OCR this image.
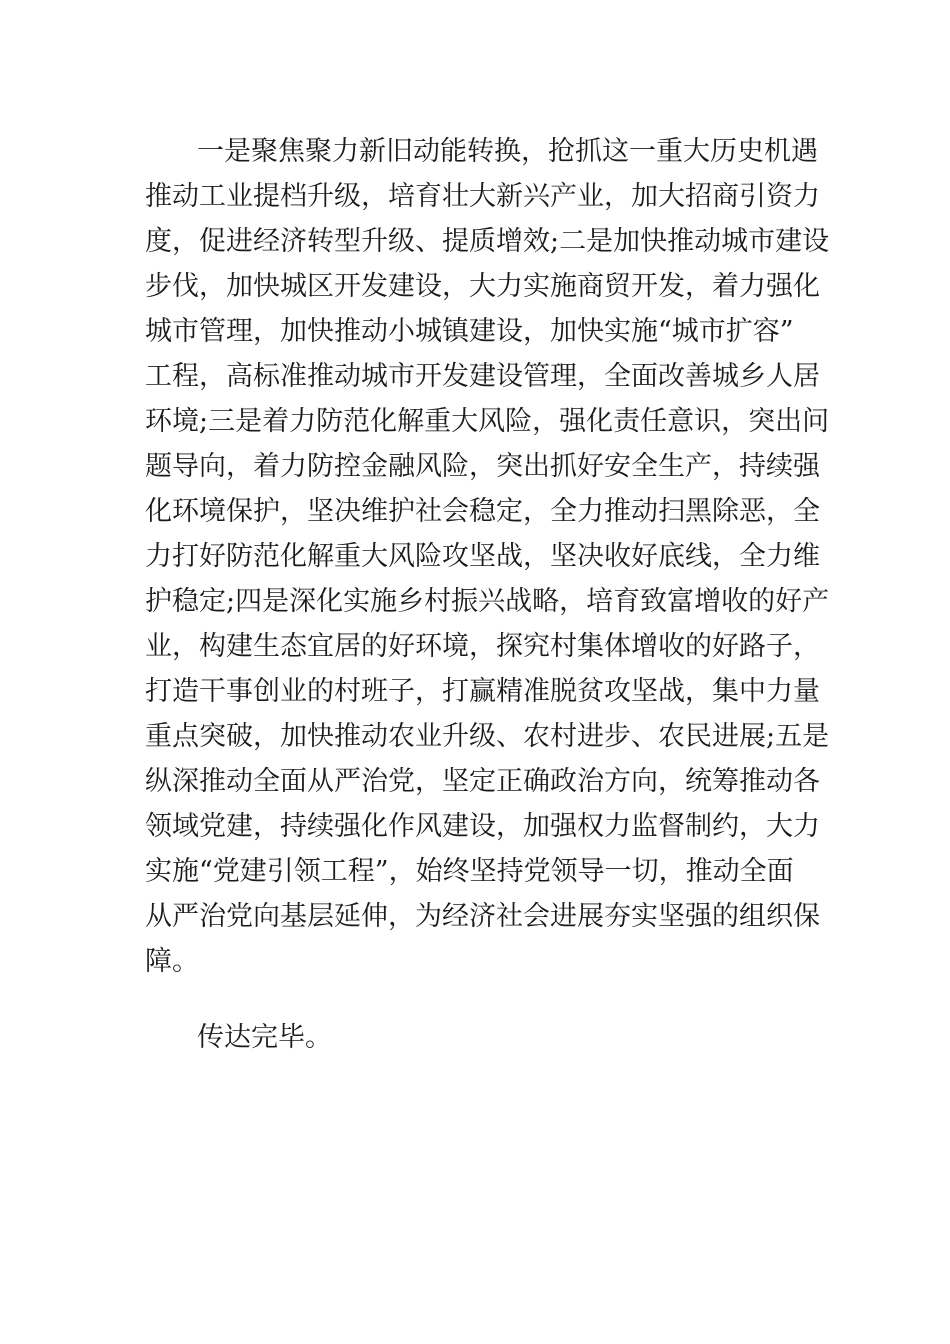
一是聚焦聚力新旧动能转换，抢抓这一重大历史机遇
推动工业提档升级，培育壮大新兴产业，加大招商引资力
度，促进经济转型升级、提质增效;二是加快推动城市建设
步伐，加快城区开发建设，大力实施商贸开发，着力强化
城市管理，加快推动小城镇建设，加快实施“城市扩容”
工程，高标准推动城市开发建设管理，全面改善城乡人居
环境;三是着力防范化解重大风险，强化责任意识，突出问
题导向，着力防控金融风险，突出抓好安全生产，持续强
化环境保护，坚决维护社会稳定，全力推动扫黑除恶，全
力打好防范化解重大风险攻坚战，坚决收好底线，全力维
护稳定;四是深化实施乡村振兴战略，培育致富增收的好产
业，构建生态宜居的好环境，探究村集体增收的好路子，
打造干事创业的村班子，打赢精准脱贫攻坚战，集中力量
重点突破，加快推动农业升级、农村进步、农民进展;五是
纵深推动全面从严治党，坚定正确政治方向，统筹推动各
领域党建，持续强化作风建设，加强权力监督制约，大力
实施“党建引领工程”，始终坚持党领导一切，推动全面
从严治党向基层延伸，为经济社会进展夯实坚强的组织保
障。
传达完毕。
